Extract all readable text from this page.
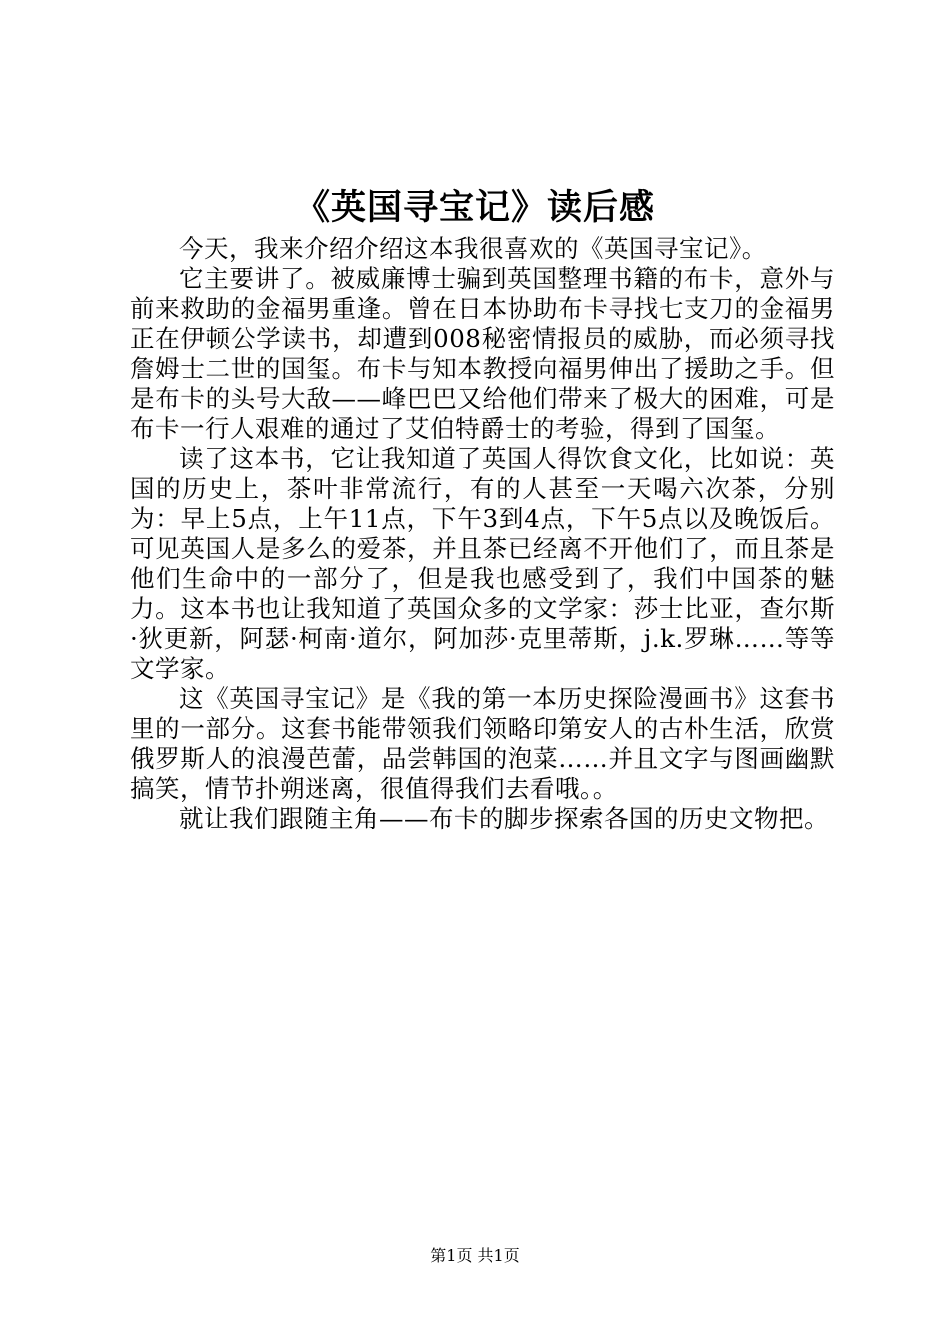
《英国寻宝记》读后感

今天，我来介绍介绍这本我很喜欢的《英国寻宝记》。

它主要讲了。被威廉博士骗到英国整理书籍的布卡，意外与前来救助的金福男重逢。曾在日本协助布卡寻找七支刀的金福男正在伊顿公学读书，却遭到008秘密情报员的威胁，而必须寻找詹姆士二世的国玺。布卡与知本教授向福男伸出了援助之手。但是布卡的头号大敌——峰巴巴又给他们带来了极大的困难，可是布卡一行人艰难的通过了艾伯特爵士的考验，得到了国玺。

读了这本书，它让我知道了英国人得饮食文化，比如说：英国的历史上，茶叶非常流行，有的人甚至一天喝六次茶，分别为：早上5点，上午11点，下午3到4点，下午5点以及晚饭后。可见英国人是多么的爱茶，并且茶已经离不开他们了，而且茶是他们生命中的一部分了，但是我也感受到了，我们中国茶的魅力。这本书也让我知道了英国众多的文学家：莎士比亚，查尔斯·狄更新，阿瑟·柯南·道尔，阿加莎·克里蒂斯，j.k.罗琳……等等文学家。

这《英国寻宝记》是《我的第一本历史探险漫画书》这套书里的一部分。这套书能带领我们领略印第安人的古朴生活，欣赏俄罗斯人的浪漫芭蕾，品尝韩国的泡菜……并且文字与图画幽默搞笑，情节扑朔迷离，很值得我们去看哦。。

就让我们跟随主角——布卡的脚步探索各国的历史文物把。

第1页 共1页
